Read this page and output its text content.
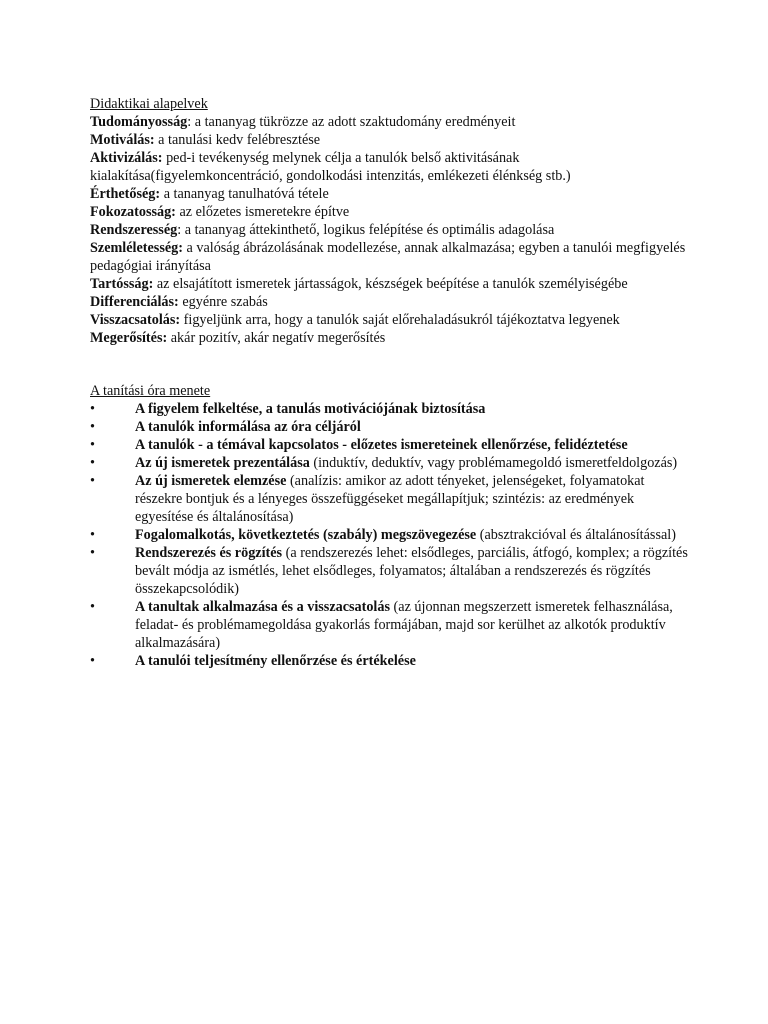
Didaktikai alapelvek
Tudományosság: a tananyag tükrözze az adott szaktudomány eredményeit
Motiválás: a tanulási kedv felébresztése
Aktivizálás: ped-i tevékenység melynek célja a tanulók belső aktivitásának kialakítása(figyelemkoncentráció, gondolkodási intenzitás, emlékezeti élénkség stb.)
Érthetőség: a tananyag tanulhatóvá tétele
Fokozatosság: az előzetes ismeretekre építve
Rendszeresség: a tananyag áttekinthető, logikus felépítése és optimális adagolása
Szemléletesség: a valóság ábrázolásának modellezése, annak alkalmazása; egyben a tanulói megfigyelés pedagógiai irányítása
Tartósság: az elsajátított ismeretek jártasságok, készségek beépítése a tanulók személyiségébe
Differenciálás: egyénre szabás
Visszacsatolás: figyeljünk arra, hogy a tanulók saját előrehaladásukról tájékoztatva legyenek
Megerősítés: akár pozitív, akár negatív megerősítés
A tanítási óra menete
•	A figyelem felkeltése, a tanulás motivációjának biztosítása
•	A tanulók informálása az óra céljáról
•	A tanulók - a témával kapcsolatos - előzetes ismereteinek ellenőrzése, felidéztetése
•	Az új ismeretek prezentálása (induktív, deduktív, vagy problémamegoldó ismeretfeldolgozás)
•	Az új ismeretek elemzése (analízis: amikor az adott tényeket, jelenségeket, folyamatokat részekre bontjuk és a lényeges összefüggéseket megállapítjuk; szintézis: az eredmények egyesítése és általánosítása)
•	Fogalomalkotás, következtetés (szabály) megszövegezése (absztrakcióval és általánosítással)
•	Rendszerezés és rögzítés (a rendszerezés lehet: elsődleges, parciális, átfogó, komplex; a rögzítés bevált módja az ismétlés, lehet elsődleges, folyamatos; általában a rendszerezés és rögzítés összekapcsolódik)
•	A tanultak alkalmazása és a visszacsatolás (az újonnan megszerzett ismeretek felhasználása, feladat- és problémamegoldása gyakorlás formájában, majd sor kerülhet az alkotók produktív alkalmazására)
•	A tanulói teljesítmény ellenőrzése és értékelése
